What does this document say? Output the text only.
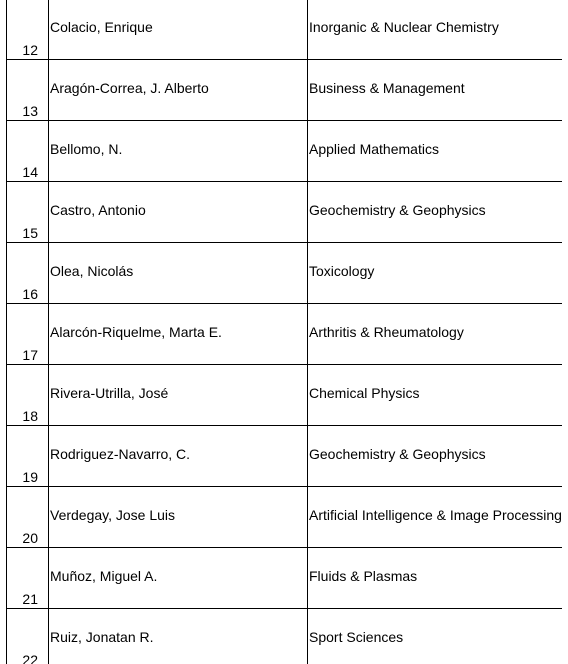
12	Colacio, Enrique	Inorganic & Nuclear Chemistry
13	Aragón-Correa, J. Alberto	Business & Management
14	Bellomo, N.	Applied Mathematics
15	Castro, Antonio	Geochemistry & Geophysics
16	Olea, Nicolás	Toxicology
17	Alarcón-Riquelme, Marta E.	Arthritis & Rheumatology
18	Rivera-Utrilla, José	Chemical Physics
19	Rodriguez-Navarro, C.	Geochemistry & Geophysics
20	Verdegay, Jose Luis	Artificial Intelligence & Image Processing
21	Muñoz, Miguel A.	Fluids & Plasmas
22	Ruiz, Jonatan R.	Sport Sciences
